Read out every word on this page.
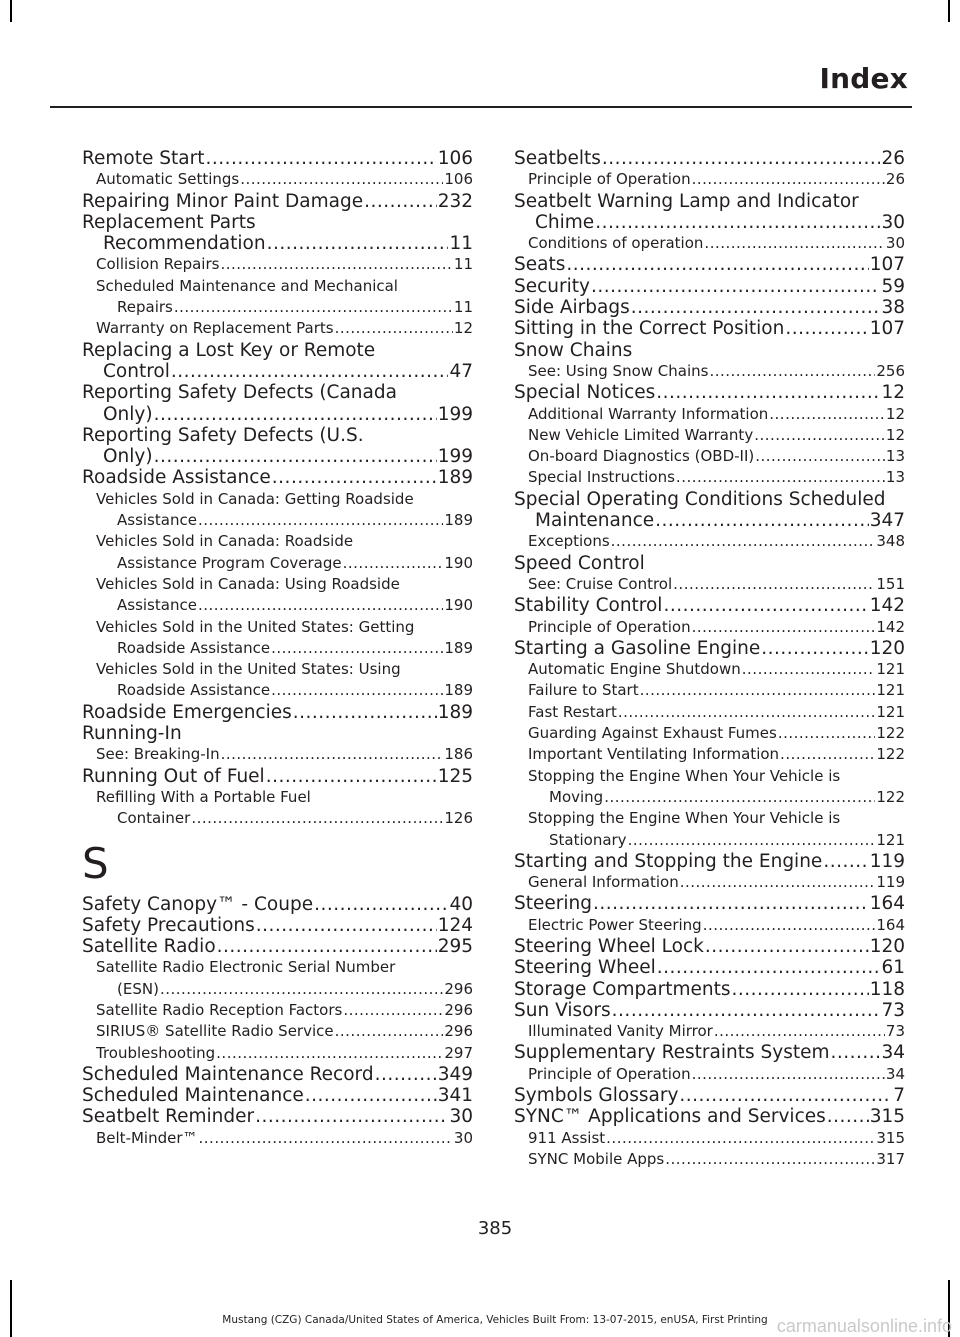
Index
Remote Start .....	106
Automatic Settings .....	106
Repairing Minor Paint Damage .....	232
Replacement Parts
Recommendation .....	11
Collision Repairs .....	11
Scheduled Maintenance and Mechanical
Repairs .....	11
Warranty on Replacement Parts .....	12
Replacing a Lost Key or Remote
Control .....	47
Reporting Safety Defects (Canada
Only) .....	199
Reporting Safety Defects (U.S.
Only) .....	199
Roadside Assistance .....	189
Vehicles Sold in Canada: Getting Roadside
Assistance .....	189
Vehicles Sold in Canada: Roadside
Assistance Program Coverage .....	190
Vehicles Sold in Canada: Using Roadside
Assistance .....	190
Vehicles Sold in the United States: Getting
Roadside Assistance .....	189
Vehicles Sold in the United States: Using
Roadside Assistance .....	189
Roadside Emergencies .....	189
Running-In
See: Breaking-In .....	186
Running Out of Fuel .....	125
Refilling With a Portable Fuel
Container .....	126
S
Safety Canopy™ - Coupe .....	40
Safety Precautions .....	124
Satellite Radio .....	295
Satellite Radio Electronic Serial Number
(ESN) .....	296
Satellite Radio Reception Factors .....	296
SIRIUS® Satellite Radio Service .....	296
Troubleshooting .....	297
Scheduled Maintenance Record .....	349
Scheduled Maintenance .....	341
Seatbelt Reminder .....	30
Belt-Minder™ .....	30
Seatbelts .....	26
Principle of Operation .....	26
Seatbelt Warning Lamp and Indicator
Chime .....	30
Conditions of operation .....	30
Seats .....	107
Security .....	59
Side Airbags .....	38
Sitting in the Correct Position .....	107
Snow Chains
See: Using Snow Chains .....	256
Special Notices .....	12
Additional Warranty Information .....	12
New Vehicle Limited Warranty .....	12
On-board Diagnostics (OBD-II) .....	13
Special Instructions .....	13
Special Operating Conditions Scheduled
Maintenance .....	347
Exceptions .....	348
Speed Control
See: Cruise Control .....	151
Stability Control .....	142
Principle of Operation .....	142
Starting a Gasoline Engine .....	120
Automatic Engine Shutdown .....	121
Failure to Start .....	121
Fast Restart .....	121
Guarding Against Exhaust Fumes .....	122
Important Ventilating Information .....	122
Stopping the Engine When Your Vehicle is
Moving .....	122
Stopping the Engine When Your Vehicle is
Stationary .....	121
Starting and Stopping the Engine .....	119
General Information .....	119
Steering .....	164
Electric Power Steering .....	164
Steering Wheel Lock .....	120
Steering Wheel .....	61
Storage Compartments .....	118
Sun Visors .....	73
Illuminated Vanity Mirror .....	73
Supplementary Restraints System .....	34
Principle of Operation .....	34
Symbols Glossary .....	7
SYNC™ Applications and Services ..... 315
911 Assist .....	315
SYNC Mobile Apps .....	317
385
Mustang (CZG) Canada/United States of America, Vehicles Built From: 13-07-2015, enUSA, First Printing carmanualsonline.info
